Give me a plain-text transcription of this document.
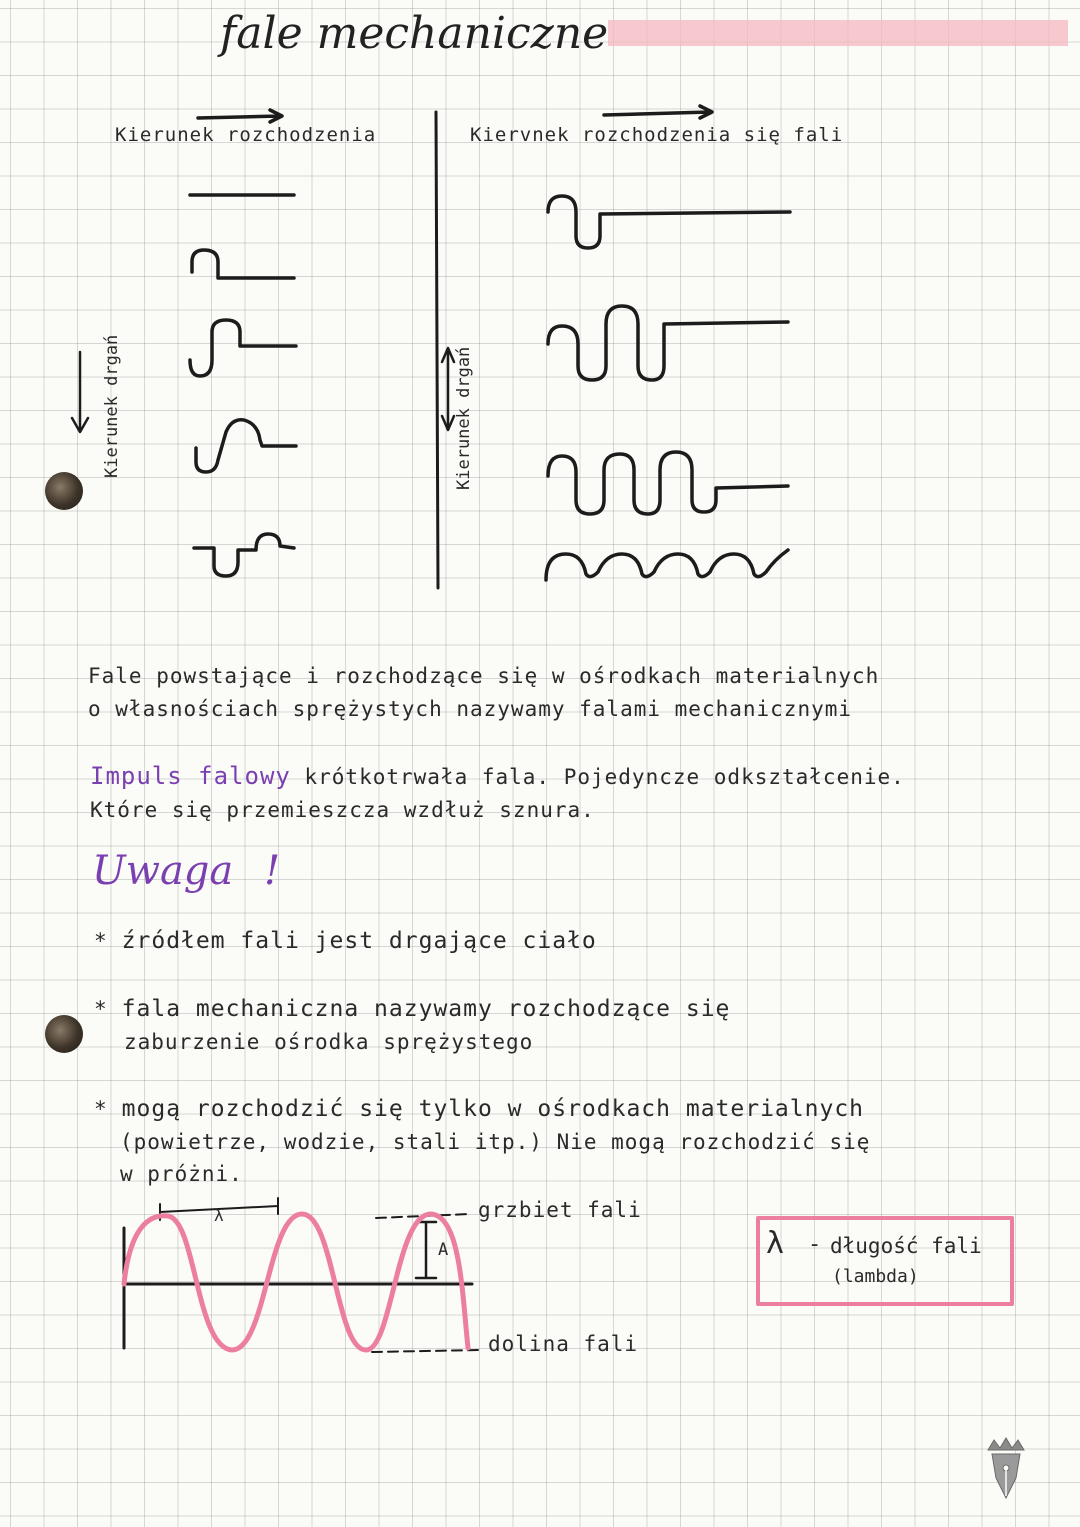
fale mechaniczne
Kierunek rozchodzenia	Kiervnek rozchodzenia się fali
Kierunek drgań	Kierunek drgań
Fale powstające i rozchodzące się w ośrodkach materialnych
o własnościach sprężystych nazywamy falami mechanicznymi
Impuls falowy krótkotrwała fala. Pojedyncze odkształcenie.
Które się przemieszcza wzdłuż sznura.
Uwaga !
* źródłem fali jest drgające ciało
* fala mechaniczna nazywamy rozchodzące się
zaburzenie ośrodka sprężystego
* mogą rozchodzić się tylko w ośrodkach materialnych
(powietrze, wodzie, stali itp.) Nie mogą rozchodzić się
w próżni.
λ
A
grzbiet fali
dolina fali
λ - długość fali
(lambda)
